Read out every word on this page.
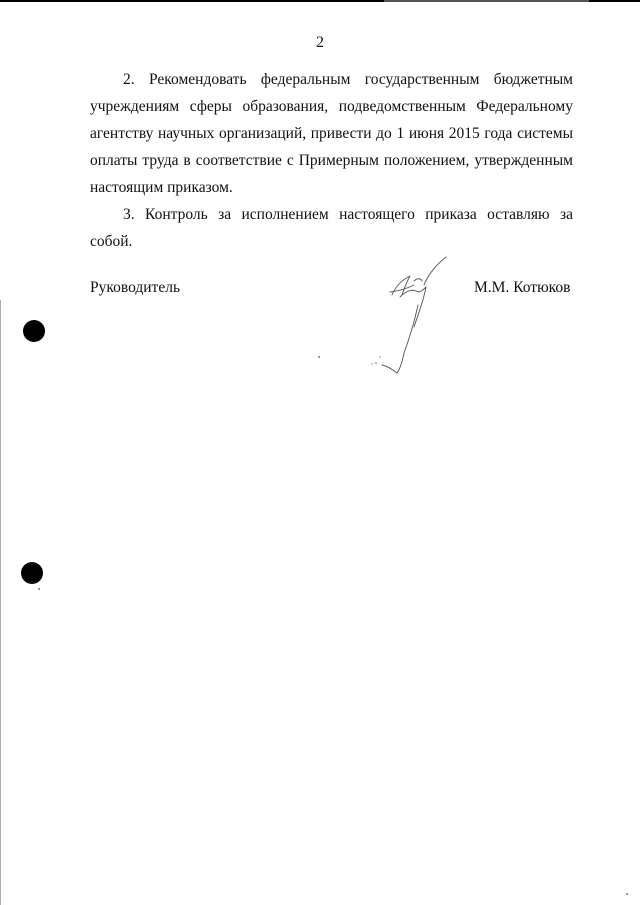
2

2. Рекомендовать федеральным государственным бюджетным учреждениям сферы образования, подведомственным Федеральному агентству научных организаций, привести до 1 июня 2015 года системы оплаты труда в соответствие с Примерным положением, утвержденным настоящим приказом.

3. Контроль за исполнением настоящего приказа оставляю за собой.

Руководитель	М.М. Котюков
